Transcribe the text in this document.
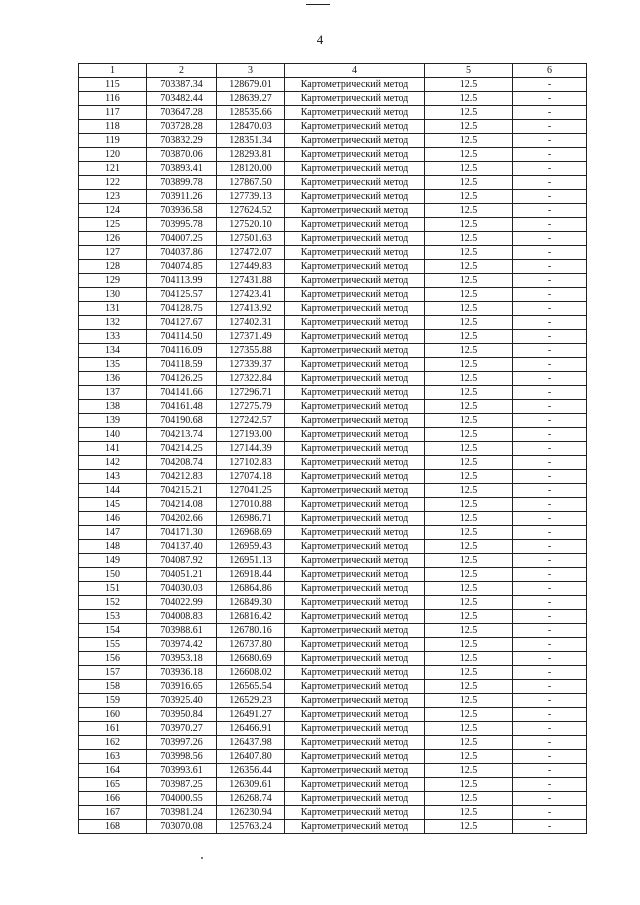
4
1	2	3	4	5	6
115	703387.34	128679.01	Картометрический метод	12.5	-
116	703482.44	128639.27	Картометрический метод	12.5	-
117	703647.28	128535.66	Картометрический метод	12.5	-
118	703728.28	128470.03	Картометрический метод	12.5	-
119	703832.29	128351.34	Картометрический метод	12.5	-
120	703870.06	128293.81	Картометрический метод	12.5	-
121	703893.41	128120.00	Картометрический метод	12.5	-
122	703899.78	127867.50	Картометрический метод	12.5	-
123	703911.26	127739.13	Картометрический метод	12.5	-
124	703936.58	127624.52	Картометрический метод	12.5	-
125	703995.78	127520.10	Картометрический метод	12.5	-
126	704007.25	127501.63	Картометрический метод	12.5	-
127	704037.86	127472.07	Картометрический метод	12.5	-
128	704074.85	127449.83	Картометрический метод	12.5	-
129	704113.99	127431.88	Картометрический метод	12.5	-
130	704125.57	127423.41	Картометрический метод	12.5	-
131	704128.75	127413.92	Картометрический метод	12.5	-
132	704127.67	127402.31	Картометрический метод	12.5	-
133	704114.50	127371.49	Картометрический метод	12.5	-
134	704116.09	127355.88	Картометрический метод	12.5	-
135	704118.59	127339.37	Картометрический метод	12.5	-
136	704126.25	127322.84	Картометрический метод	12.5	-
137	704141.66	127296.71	Картометрический метод	12.5	-
138	704161.48	127275.79	Картометрический метод	12.5	-
139	704190.68	127242.57	Картометрический метод	12.5	-
140	704213.74	127193.00	Картометрический метод	12.5	-
141	704214.25	127144.39	Картометрический метод	12.5	-
142	704208.74	127102.83	Картометрический метод	12.5	-
143	704212.83	127074.18	Картометрический метод	12.5	-
144	704215.21	127041.25	Картометрический метод	12.5	-
145	704214.08	127010.88	Картометрический метод	12.5	-
146	704202.66	126986.71	Картометрический метод	12.5	-
147	704171.30	126968.69	Картометрический метод	12.5	-
148	704137.40	126959.43	Картометрический метод	12.5	-
149	704087.92	126951.13	Картометрический метод	12.5	-
150	704051.21	126918.44	Картометрический метод	12.5	-
151	704030.03	126864.86	Картометрический метод	12.5	-
152	704022.99	126849.30	Картометрический метод	12.5	-
153	704008.83	126816.42	Картометрический метод	12.5	-
154	703988.61	126780.16	Картометрический метод	12.5	-
155	703974.42	126737.80	Картометрический метод	12.5	-
156	703953.18	126680.69	Картометрический метод	12.5	-
157	703936.18	126608.02	Картометрический метод	12.5	-
158	703916.65	126565.54	Картометрический метод	12.5	-
159	703925.40	126529.23	Картометрический метод	12.5	-
160	703950.84	126491.27	Картометрический метод	12.5	-
161	703970.27	126466.91	Картометрический метод	12.5	-
162	703997.26	126437.98	Картометрический метод	12.5	-
163	703998.56	126407.80	Картометрический метод	12.5	-
164	703993.61	126356.44	Картометрический метод	12.5	-
165	703987.25	126309.61	Картометрический метод	12.5	-
166	704000.55	126268.74	Картометрический метод	12.5	-
167	703981.24	126230.94	Картометрический метод	12.5	-
168	703070.08	125763.24	Картометрический метод	12.5	-
